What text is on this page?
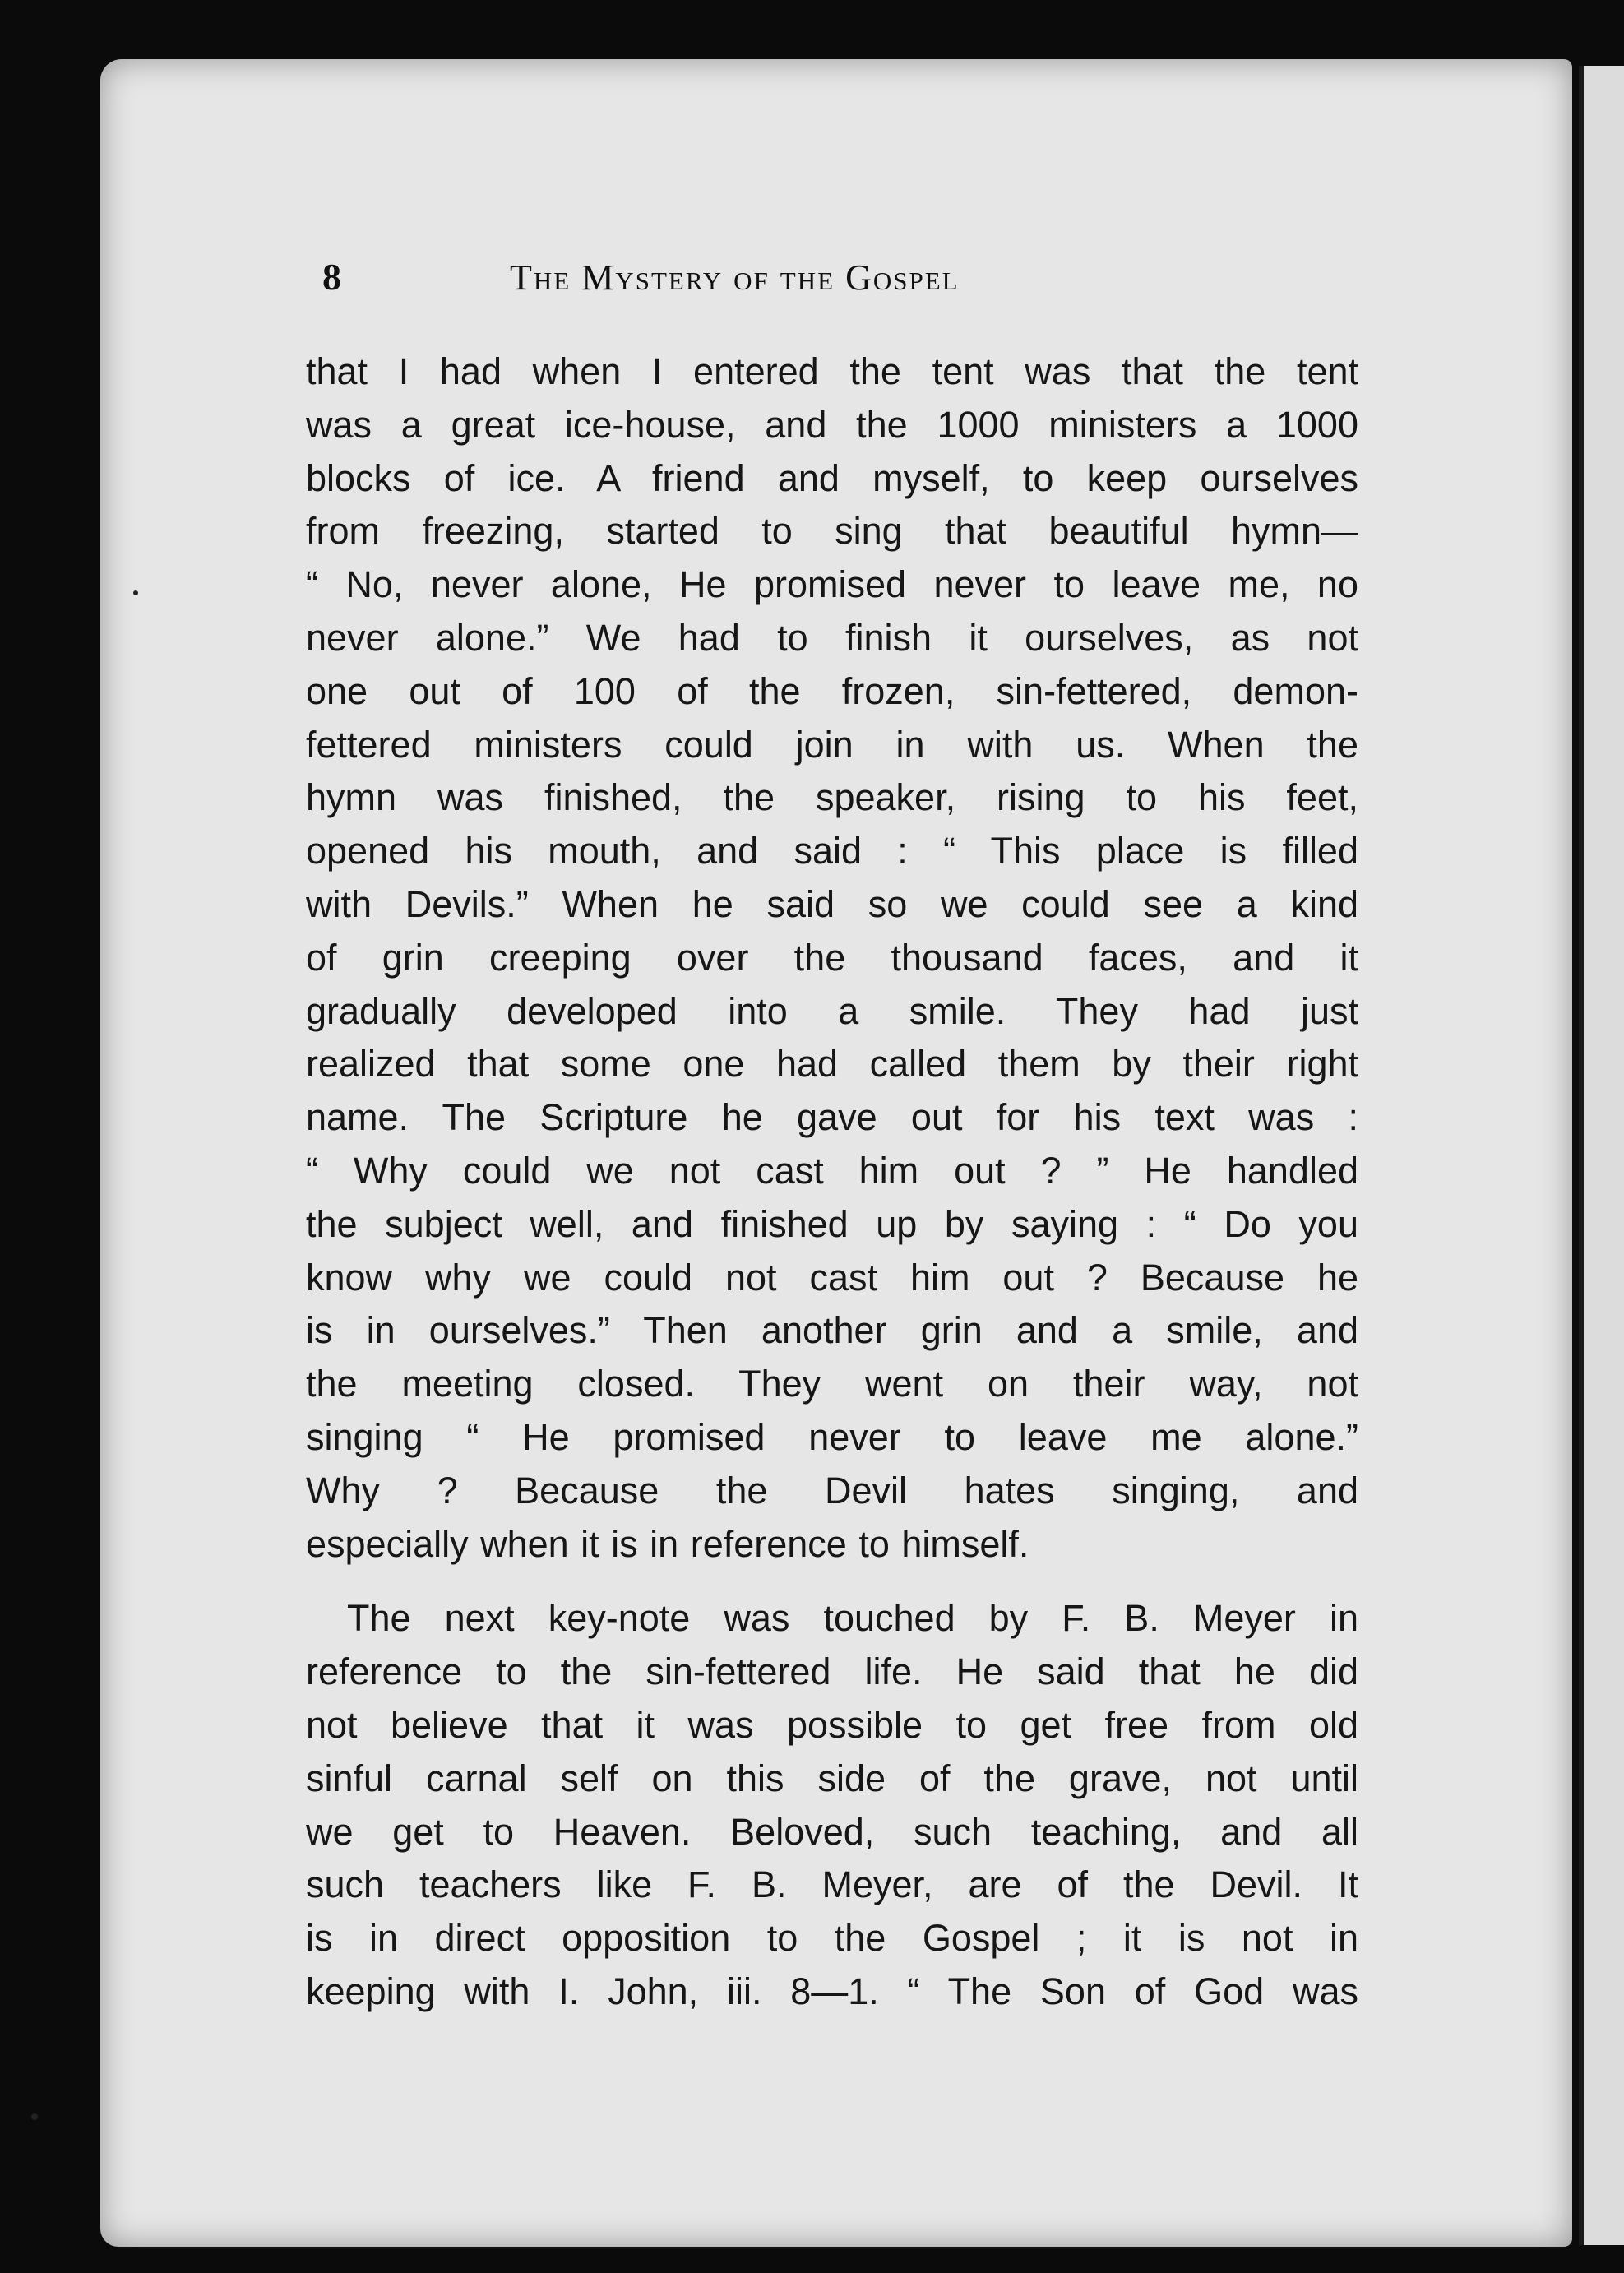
8	The Mystery of the Gospel
that I had when I entered the tent was that the tent
was a great ice-house, and the 1000 ministers a 1000
blocks of ice. A friend and myself, to keep ourselves
from freezing, started to sing that beautiful hymn—
“ No, never alone, He promised never to leave me, no
never alone.” We had to finish it ourselves, as not
one out of 100 of the frozen, sin-fettered, demon-
fettered ministers could join in with us. When the
hymn was finished, the speaker, rising to his feet,
opened his mouth, and said : “ This place is filled
with Devils.” When he said so we could see a kind
of grin creeping over the thousand faces, and it
gradually developed into a smile. They had just
realized that some one had called them by their right
name. The Scripture he gave out for his text was :
“ Why could we not cast him out ? ” He handled
the subject well, and finished up by saying : “ Do you
know why we could not cast him out ? Because he
is in ourselves.” Then another grin and a smile, and
the meeting closed. They went on their way, not
singing “ He promised never to leave me alone.”
Why ? Because the Devil hates singing, and
especially when it is in reference to himself.
The next key-note was touched by F. B. Meyer in
reference to the sin-fettered life. He said that he did
not believe that it was possible to get free from old
sinful carnal self on this side of the grave, not until
we get to Heaven. Beloved, such teaching, and all
such teachers like F. B. Meyer, are of the Devil. It
is in direct opposition to the Gospel ; it is not in
keeping with I. John, iii. 8—1. “ The Son of God was
